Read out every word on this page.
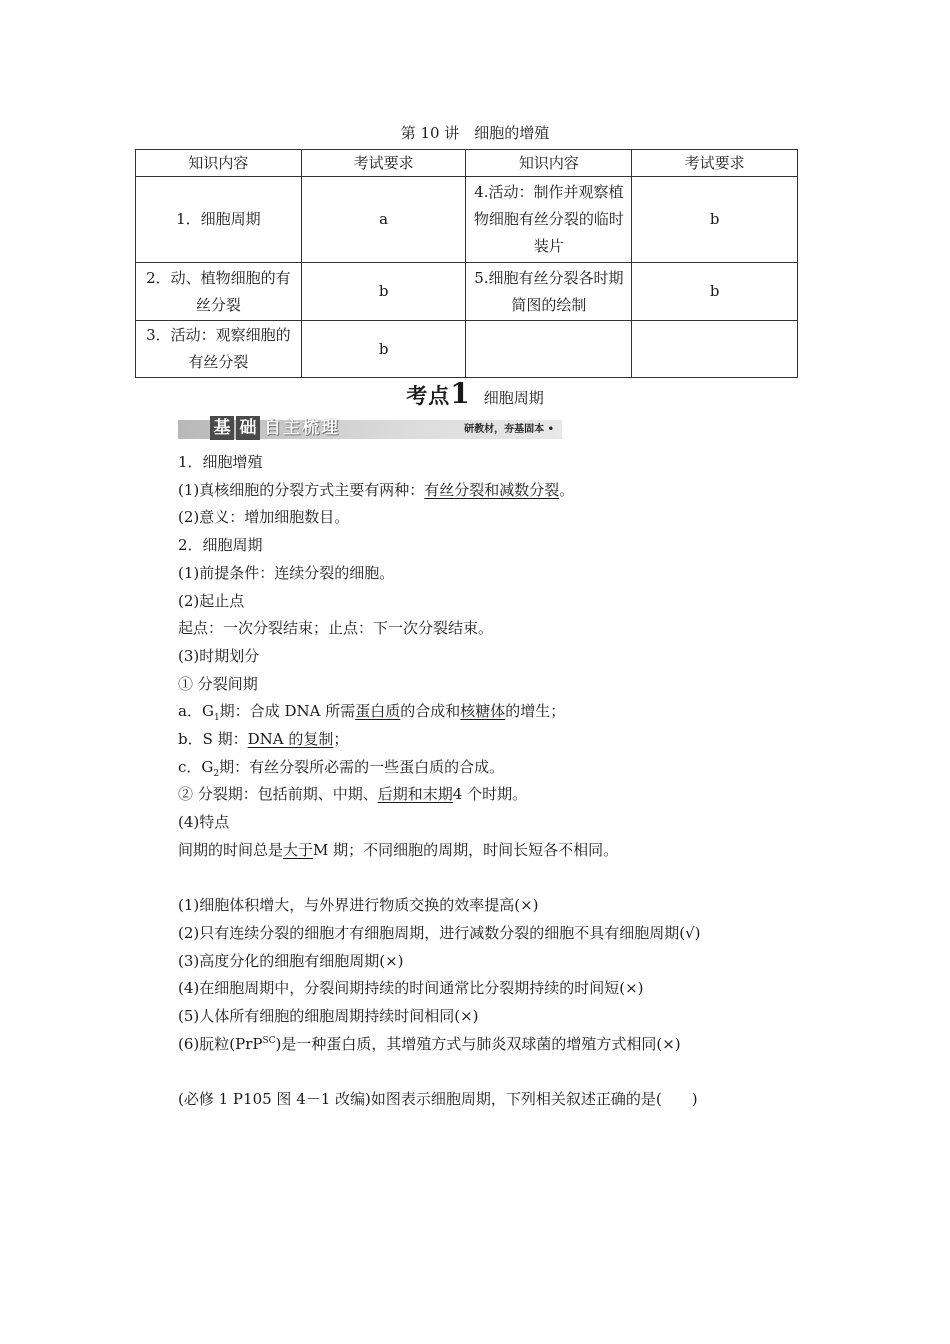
第 10 讲　细胞的增殖
知识内容	考试要求	知识内容	考试要求
1．细胞周期	a	4.活动：制作并观察植物细胞有丝分裂的临时装片	b
2．动、植物细胞的有丝分裂	b	5.细胞有丝分裂各时期简图的绘制	b
3．活动：观察细胞的有丝分裂	b		
考点1 细胞周期
基 础 自主梳理	研教材，夯基固本 •

1．细胞增殖

(1)真核细胞的分裂方式主要有两种：有丝分裂和减数分裂。

(2)意义：增加细胞数目。

2．细胞周期

(1)前提条件：连续分裂的细胞。

(2)起止点

起点：一次分裂结束；止点：下一次分裂结束。

(3)时期划分

① 分裂间期

a．$G_1$期：合成 DNA 所需蛋白质的合成和核糖体的增生；

b．S 期：DNA 的复制；

c．$G_2$期：有丝分裂所必需的一些蛋白质的合成。

② 分裂期：包括前期、中期、后期和末期4 个时期。

(4)特点

间期的时间总是大于M 期；不同细胞的周期，时间长短各不相同。

(1)细胞体积增大，与外界进行物质交换的效率提高(×)

(2)只有连续分裂的细胞才有细胞周期，进行减数分裂的细胞不具有细胞周期(√)

(3)高度分化的细胞有细胞周期(×)

(4)在细胞周期中，分裂间期持续的时间通常比分裂期持续的时间短(×)

(5)人体所有细胞的细胞周期持续时间相同(×)

(6)朊粒(PrP$^{SC}$)是一种蛋白质，其增殖方式与肺炎双球菌的增殖方式相同(×)

(必修 1 P105 图 4－1 改编)如图表示细胞周期，下列相关叙述正确的是(　　)
